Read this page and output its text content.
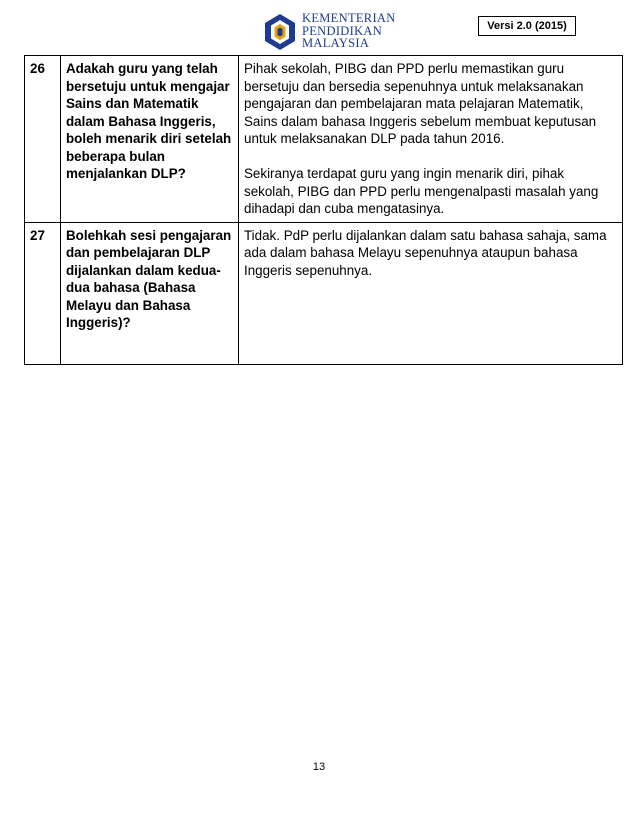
KEMENTERIAN
PENDIDIKAN
MALAYSIA
Versi 2.0 (2015)
26	Adakah guru yang telah bersetuju untuk mengajar Sains dan Matematik dalam Bahasa Inggeris, boleh menarik diri setelah beberapa bulan menjalankan DLP?	Pihak sekolah, PIBG dan PPD perlu memastikan guru bersetuju dan bersedia sepenuhnya untuk melaksanakan pengajaran dan pembelajaran mata pelajaran Matematik, Sains dalam bahasa Inggeris sebelum membuat keputusan untuk melaksanakan DLP pada tahun 2016.

Sekiranya terdapat guru yang ingin menarik diri, pihak sekolah, PIBG dan PPD perlu mengenalpasti masalah yang dihadapi dan cuba mengatasinya.

27	Bolehkah sesi pengajaran dan pembelajaran DLP dijalankan dalam kedua-dua bahasa (Bahasa Melayu dan Bahasa Inggeris)?	Tidak. PdP perlu dijalankan dalam satu bahasa sahaja, sama ada dalam bahasa Melayu sepenuhnya ataupun bahasa Inggeris sepenuhnya.

13
